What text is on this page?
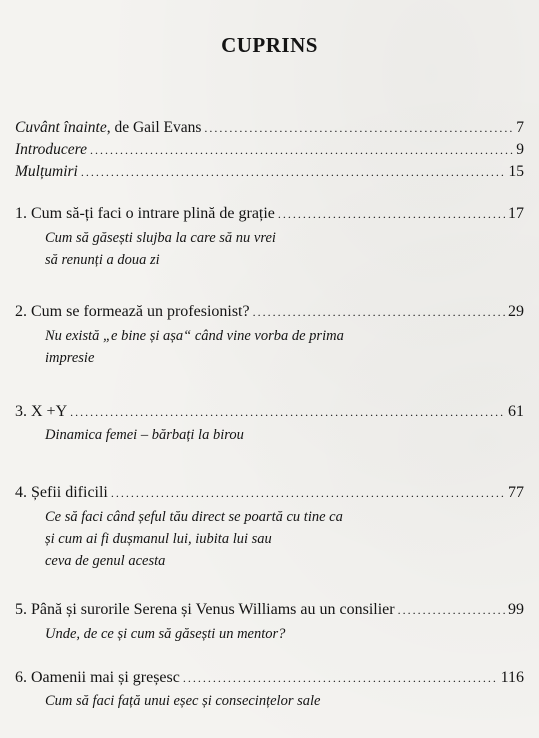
CUPRINS
Cuvânt înainte, de Gail Evans .....	7
Introducere .....	9
Mulțumiri .....	15
1. Cum să-ți faci o intrare plină de grație .....	17
Cum să găsești slujba la care să nu vrei
să renunți a doua zi
2. Cum se formează un profesionist? .....	29
Nu există „e bine și așa“ când vine vorba de prima
impresie
3. X +Y .....	61
Dinamica femei – bărbați la birou
4. Șefii dificili .....	77
Ce să faci când șeful tău direct se poartă cu tine ca
și cum ai fi dușmanul lui, iubita lui sau
ceva de genul acesta
5. Până și surorile Serena și Venus Williams au un consilier .....	99
Unde, de ce și cum să găsești un mentor?
6. Oamenii mai și greșesc .....	116
Cum să faci față unui eșec și consecințelor sale
